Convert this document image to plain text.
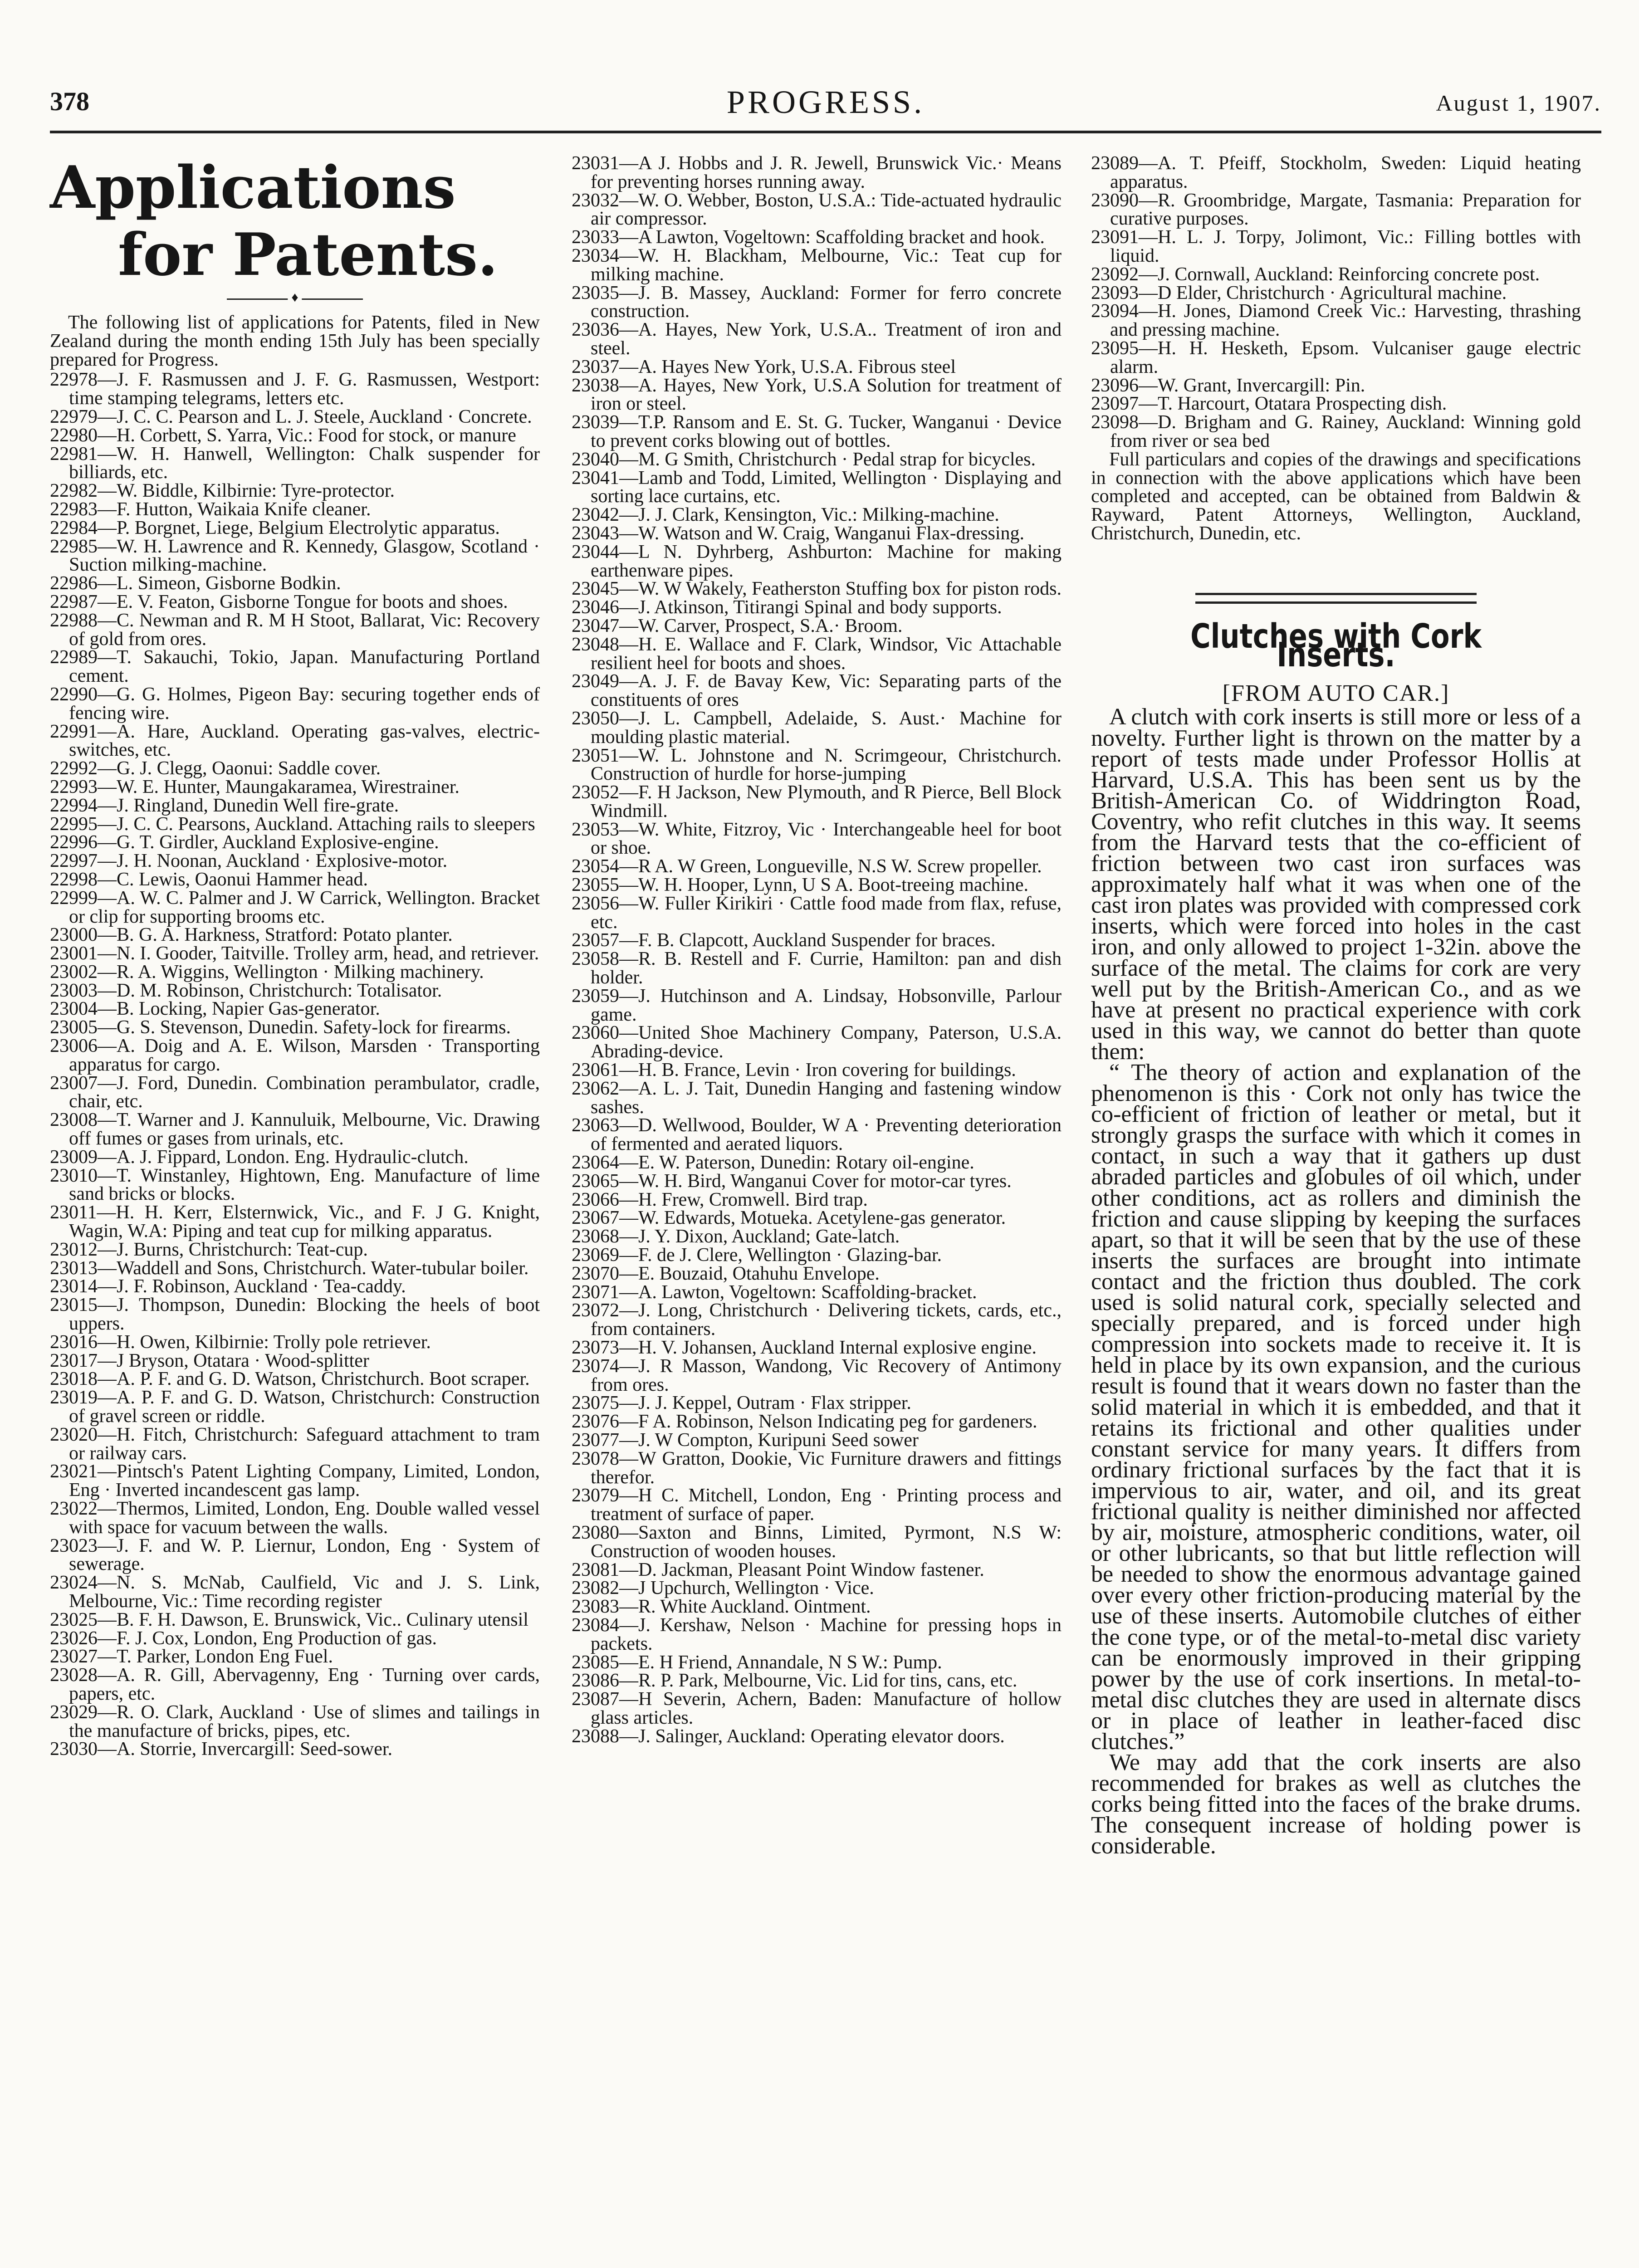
378	PROGRESS.	August 1, 1907.
Applications
for Patents.
♦

The following list of applications for Patents, filed in New Zealand during the month ending 15th July has been specially prepared for Progress.

22978—J. F. Rasmussen and J. F. G. Rasmussen, Westport: time stamping telegrams, letters etc.

22979—J. C. C. Pearson and L. J. Steele, Auckland · Concrete.

22980—H. Corbett, S. Yarra, Vic.: Food for stock, or manure

22981—W. H. Hanwell, Wellington: Chalk suspender for billiards, etc.

22982—W. Biddle, Kilbirnie: Tyre-protector.

22983—F. Hutton, Waikaia Knife cleaner.

22984—P. Borgnet, Liege, Belgium Electrolytic apparatus.

22985—W. H. Lawrence and R. Kennedy, Glasgow, Scotland · Suction milking-machine.

22986—L. Simeon, Gisborne Bodkin.

22987—E. V. Featon, Gisborne Tongue for boots and shoes.

22988—C. Newman and R. M H Stoot, Ballarat, Vic: Recovery of gold from ores.

22989—T. Sakauchi, Tokio, Japan. Manufacturing Portland cement.

22990—G. G. Holmes, Pigeon Bay: securing together ends of fencing wire.

22991—A. Hare, Auckland. Operating gas-valves, electric-switches, etc.

22992—G. J. Clegg, Oaonui: Saddle cover.

22993—W. E. Hunter, Maungakaramea, Wirestrainer.

22994—J. Ringland, Dunedin Well fire-grate.

22995—J. C. C. Pearsons, Auckland. Attaching rails to sleepers

22996—G. T. Girdler, Auckland Explosive-engine.

22997—J. H. Noonan, Auckland · Explosive-motor.

22998—C. Lewis, Oaonui Hammer head.

22999—A. W. C. Palmer and J. W Carrick, Wellington. Bracket or clip for supporting brooms etc.

23000—B. G. A. Harkness, Stratford: Potato planter.

23001—N. I. Gooder, Taitville. Trolley arm, head, and retriever.

23002—R. A. Wiggins, Wellington · Milking machinery.

23003—D. M. Robinson, Christchurch: Totalisator.

23004—B. Locking, Napier Gas-generator.

23005—G. S. Stevenson, Dunedin. Safety-lock for firearms.

23006—A. Doig and A. E. Wilson, Marsden · Transporting apparatus for cargo.

23007—J. Ford, Dunedin. Combination perambulator, cradle, chair, etc.

23008—T. Warner and J. Kannuluik, Melbourne, Vic. Drawing off fumes or gases from urinals, etc.

23009—A. J. Fippard, London. Eng. Hydraulic-clutch.

23010—T. Winstanley, Hightown, Eng. Manufacture of lime sand bricks or blocks.

23011—H. H. Kerr, Elsternwick, Vic., and F. J G. Knight, Wagin, W.A: Piping and teat cup for milking apparatus.

23012—J. Burns, Christchurch: Teat-cup.

23013—Waddell and Sons, Christchurch. Water-tubular boiler.

23014—J. F. Robinson, Auckland · Tea-caddy.

23015—J. Thompson, Dunedin: Blocking the heels of boot uppers.

23016—H. Owen, Kilbirnie: Trolly pole retriever.

23017—J Bryson, Otatara · Wood-splitter

23018—A. P. F. and G. D. Watson, Christchurch. Boot scraper.

23019—A. P. F. and G. D. Watson, Christchurch: Construction of gravel screen or riddle.

23020—H. Fitch, Christchurch: Safeguard attachment to tram or railway cars.

23021—Pintsch's Patent Lighting Company, Limited, London, Eng · Inverted incandescent gas lamp.

23022—Thermos, Limited, London, Eng. Double walled vessel with space for vacuum between the walls.

23023—J. F. and W. P. Liernur, London, Eng · System of sewerage.

23024—N. S. McNab, Caulfield, Vic and J. S. Link, Melbourne, Vic.: Time recording register

23025—B. F. H. Dawson, E. Brunswick, Vic.. Culinary utensil

23026—F. J. Cox, London, Eng Production of gas.

23027—T. Parker, London Eng Fuel.

23028—A. R. Gill, Abervagenny, Eng · Turning over cards, papers, etc.

23029—R. O. Clark, Auckland · Use of slimes and tailings in the manufacture of bricks, pipes, etc.

23030—A. Storrie, Invercargill: Seed-sower.

23031—A J. Hobbs and J. R. Jewell, Brunswick Vic.· Means for preventing horses running away.

23032—W. O. Webber, Boston, U.S.A.: Tide-actuated hydraulic air compressor.

23033—A Lawton, Vogeltown: Scaffolding bracket and hook.

23034—W. H. Blackham, Melbourne, Vic.: Teat cup for milking machine.

23035—J. B. Massey, Auckland: Former for ferro concrete construction.

23036—A. Hayes, New York, U.S.A.. Treatment of iron and steel.

23037—A. Hayes New York, U.S.A. Fibrous steel

23038—A. Hayes, New York, U.S.A Solution for treatment of iron or steel.

23039—T.P. Ransom and E. St. G. Tucker, Wanganui · Device to prevent corks blowing out of bottles.

23040—M. G Smith, Christchurch · Pedal strap for bicycles.

23041—Lamb and Todd, Limited, Wellington · Displaying and sorting lace curtains, etc.

23042—J. J. Clark, Kensington, Vic.: Milking-machine.

23043—W. Watson and W. Craig, Wanganui Flax-dressing.

23044—L N. Dyhrberg, Ashburton: Machine for making earthenware pipes.

23045—W. W Wakely, Featherston Stuffing box for piston rods.

23046—J. Atkinson, Titirangi Spinal and body supports.

23047—W. Carver, Prospect, S.A.· Broom.

23048—H. E. Wallace and F. Clark, Windsor, Vic Attachable resilient heel for boots and shoes.

23049—A. J. F. de Bavay Kew, Vic: Separating parts of the constituents of ores

23050—J. L. Campbell, Adelaide, S. Aust.· Machine for moulding plastic material.

23051—W. L. Johnstone and N. Scrimgeour, Christchurch. Construction of hurdle for horse-jumping

23052—F. H Jackson, New Plymouth, and R Pierce, Bell Block Windmill.

23053—W. White, Fitzroy, Vic · Interchangeable heel for boot or shoe.

23054—R A. W Green, Longueville, N.S W. Screw propeller.

23055—W. H. Hooper, Lynn, U S A. Boot-treeing machine.

23056—W. Fuller Kirikiri · Cattle food made from flax, refuse, etc.

23057—F. B. Clapcott, Auckland Suspender for braces.

23058—R. B. Restell and F. Currie, Hamilton: pan and dish holder.

23059—J. Hutchinson and A. Lindsay, Hobsonville, Parlour game.

23060—United Shoe Machinery Company, Paterson, U.S.A. Abrading-device.

23061—H. B. France, Levin · Iron covering for buildings.

23062—A. L. J. Tait, Dunedin Hanging and fastening window sashes.

23063—D. Wellwood, Boulder, W A · Preventing deterioration of fermented and aerated liquors.

23064—E. W. Paterson, Dunedin: Rotary oil-engine.

23065—W. H. Bird, Wanganui Cover for motor-car tyres.

23066—H. Frew, Cromwell. Bird trap.

23067—W. Edwards, Motueka. Acetylene-gas generator.

23068—J. Y. Dixon, Auckland; Gate-latch.

23069—F. de J. Clere, Wellington · Glazing-bar.

23070—E. Bouzaid, Otahuhu Envelope.

23071—A. Lawton, Vogeltown: Scaffolding-bracket.

23072—J. Long, Christchurch · Delivering tickets, cards, etc., from containers.

23073—H. V. Johansen, Auckland Internal explosive engine.

23074—J. R Masson, Wandong, Vic Recovery of Antimony from ores.

23075—J. J. Keppel, Outram · Flax stripper.

23076—F A. Robinson, Nelson Indicating peg for gardeners.

23077—J. W Compton, Kuripuni Seed sower

23078—W Gratton, Dookie, Vic Furniture drawers and fittings therefor.

23079—H C. Mitchell, London, Eng · Printing process and treatment of surface of paper.

23080—Saxton and Binns, Limited, Pyrmont, N.S W: Construction of wooden houses.

23081—D. Jackman, Pleasant Point Window fastener.

23082—J Upchurch, Wellington · Vice.

23083—R. White Auckland. Ointment.

23084—J. Kershaw, Nelson · Machine for pressing hops in packets.

23085—E. H Friend, Annandale, N S W.: Pump.

23086—R. P. Park, Melbourne, Vic. Lid for tins, cans, etc.

23087—H Severin, Achern, Baden: Manufacture of hollow glass articles.

23088—J. Salinger, Auckland: Operating elevator doors.

23089—A. T. Pfeiff, Stockholm, Sweden: Liquid heating apparatus.

23090—R. Groombridge, Margate, Tasmania: Preparation for curative purposes.

23091—H. L. J. Torpy, Jolimont, Vic.: Filling bottles with liquid.

23092—J. Cornwall, Auckland: Reinforcing concrete post.

23093—D Elder, Christchurch · Agricultural machine.

23094—H. Jones, Diamond Creek Vic.: Harvesting, thrashing and pressing machine.

23095—H. H. Hesketh, Epsom. Vulcaniser gauge electric alarm.

23096—W. Grant, Invercargill: Pin.

23097—T. Harcourt, Otatara Prospecting dish.

23098—D. Brigham and G. Rainey, Auckland: Winning gold from river or sea bed

Full particulars and copies of the drawings and specifications in connection with the above applications which have been completed and accepted, can be obtained from Baldwin & Rayward, Patent Attorneys, Wellington, Auckland, Christchurch, Dunedin, etc.

Clutches with Cork Inserts.

[FROM AUTO CAR.]

A clutch with cork inserts is still more or less of a novelty. Further light is thrown on the matter by a report of tests made under Professor Hollis at Harvard, U.S.A. This has been sent us by the British-American Co. of Widdrington Road, Coventry, who refit clutches in this way. It seems from the Harvard tests that the co-efficient of friction between two cast iron surfaces was approximately half what it was when one of the cast iron plates was provided with compressed cork inserts, which were forced into holes in the cast iron, and only allowed to project 1-32in. above the surface of the metal. The claims for cork are very well put by the British-American Co., and as we have at present no practical experience with cork used in this way, we cannot do better than quote them:

“ The theory of action and explanation of the phenomenon is this · Cork not only has twice the co-efficient of friction of leather or metal, but it strongly grasps the surface with which it comes in contact, in such a way that it gathers up dust abraded particles and globules of oil which, under other conditions, act as rollers and diminish the friction and cause slipping by keeping the surfaces apart, so that it will be seen that by the use of these inserts the surfaces are brought into intimate contact and the friction thus doubled. The cork used is solid natural cork, specially selected and specially prepared, and is forced under high compression into sockets made to receive it. It is held in place by its own expansion, and the curious result is found that it wears down no faster than the solid material in which it is embedded, and that it retains its frictional and other qualities under constant service for many years. It differs from ordinary frictional surfaces by the fact that it is impervious to air, water, and oil, and its great frictional quality is neither diminished nor affected by air, moisture, atmospheric conditions, water, oil or other lubricants, so that but little reflection will be needed to show the enormous advantage gained over every other friction-producing material by the use of these inserts. Automobile clutches of either the cone type, or of the metal-to-metal disc variety can be enormously improved in their gripping power by the use of cork insertions. In metal-to-metal disc clutches they are used in alternate discs or in place of leather in leather-faced disc clutches.”

We may add that the cork inserts are also recommended for brakes as well as clutches the corks being fitted into the faces of the brake drums. The consequent increase of holding power is considerable.
